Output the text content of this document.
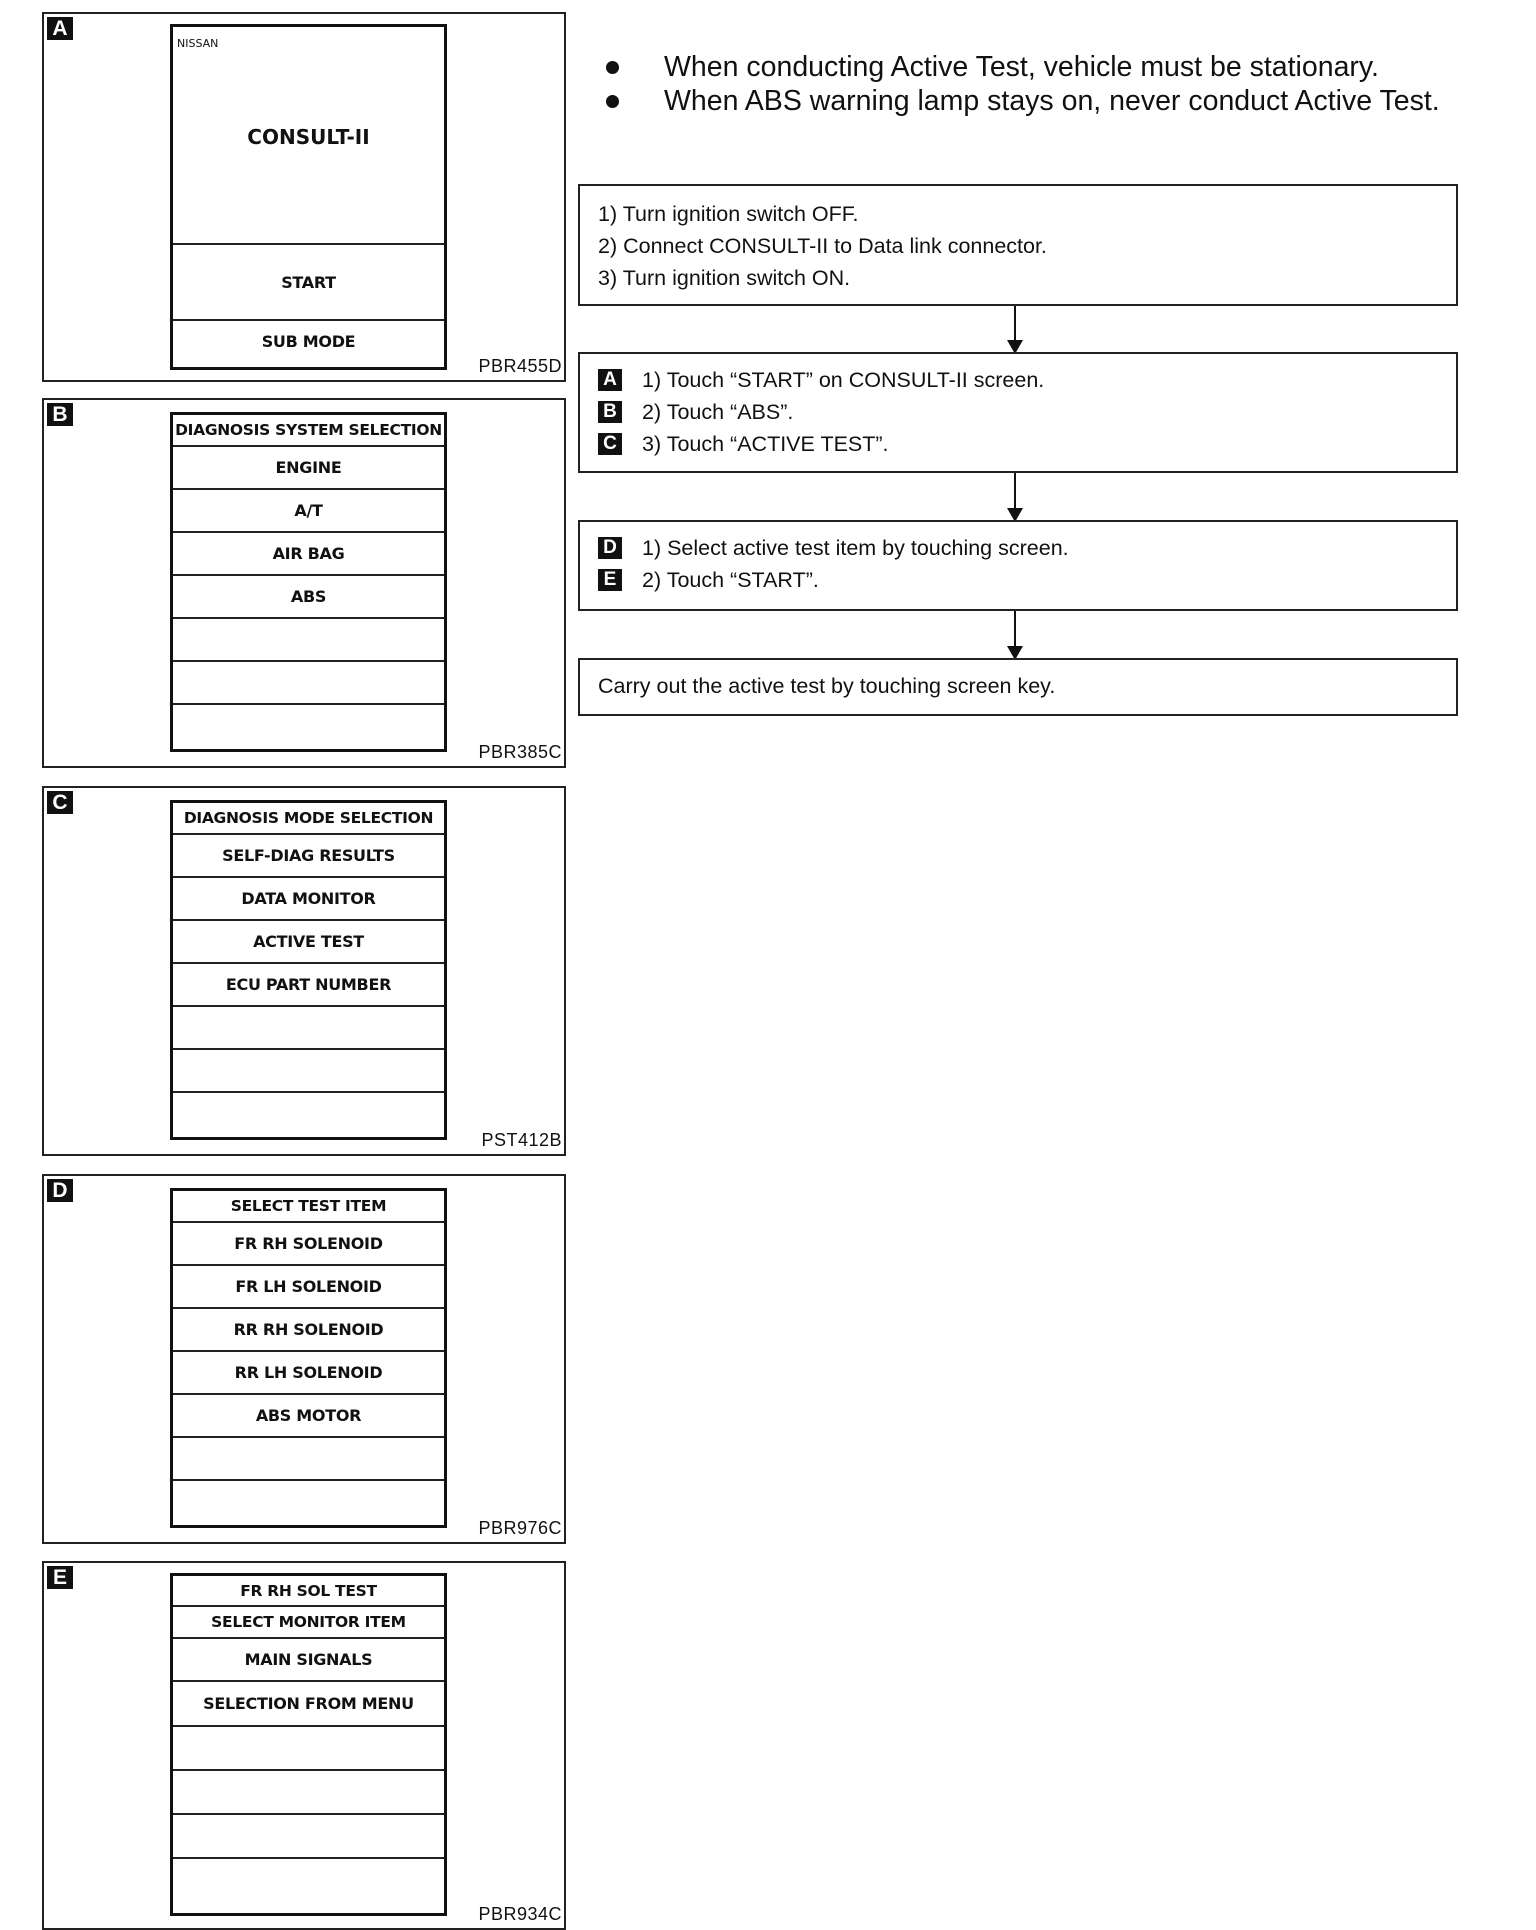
A
NISSAN
CONSULT-II
START
SUB MODE
PBR455D
B
DIAGNOSIS SYSTEM SELECTION
ENGINE
A/T
AIR BAG
ABS
PBR385C
C
DIAGNOSIS MODE SELECTION
SELF-DIAG RESULTS
DATA MONITOR
ACTIVE TEST
ECU PART NUMBER
PST412B
D
SELECT TEST ITEM
FR RH SOLENOID
FR LH SOLENOID
RR RH SOLENOID
RR LH SOLENOID
ABS MOTOR
PBR976C
E
FR RH SOL TEST
SELECT MONITOR ITEM
MAIN SIGNALS
SELECTION FROM MENU
PBR934C
When conducting Active Test, vehicle must be stationary.
When ABS warning lamp stays on, never conduct Active Test.
1) Turn ignition switch OFF.
2) Connect CONSULT-II to Data link connector.
3) Turn ignition switch ON.
A 1) Touch “START” on CONSULT-II screen.
B 2) Touch “ABS”.
C 3) Touch “ACTIVE TEST”.
D 1) Select active test item by touching screen.
E 2) Touch “START”.
Carry out the active test by touching screen key.
